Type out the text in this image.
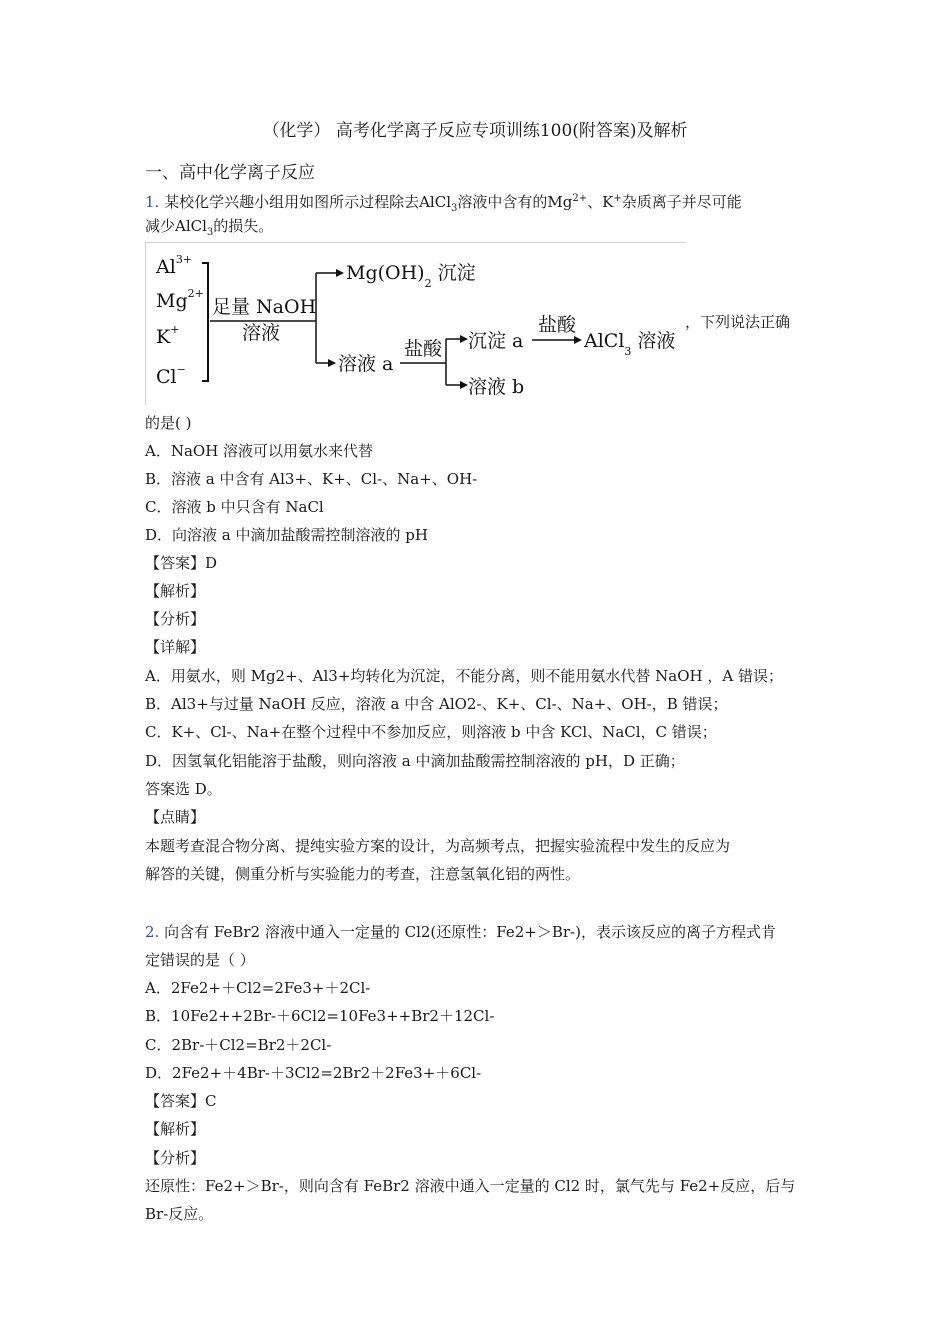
（化学） 高考化学离子反应专项训练100(附答案)及解析
一、高中化学离子反应
1. 某校化学兴趣小组用如图所示过程除去AlCl$_3$溶液中含有的$Mg^{2+}$、K+杂质离子并尽可能
减少AlCl$_3$的损失。
$Al^{3+}$
$Mg^{2+}$
K+
Cl−
足量 NaOH
溶液
$Mg(OH)_2$ 沉淀
溶液 a
盐酸 沉淀 a
溶液 b
盐酸
AlCl$_3$ 溶液
，下列说法正确
的是( )
A．NaOH 溶液可以用氨水来代替
B．溶液 a 中含有 Al3+、K+、Cl-、Na+、OH-
C．溶液 b 中只含有 NaCl
D．向溶液 a 中滴加盐酸需控制溶液的 pH
【答案】D
【解析】
【分析】
【详解】
A．用氨水，则 Mg2+、Al3+均转化为沉淀，不能分离，则不能用氨水代替 NaOH ，A 错误；
B．Al3+与过量 NaOH 反应，溶液 a 中含 AlO2-、K+、Cl-、Na+、OH-，B 错误；
C．K+、Cl-、Na+在整个过程中不参加反应，则溶液 b 中含 KCl、NaCl，C 错误；
D．因氢氧化铝能溶于盐酸，则向溶液 a 中滴加盐酸需控制溶液的 pH，D 正确；
答案选 D。
【点睛】
本题考查混合物分离、提纯实验方案的设计，为高频考点，把握实验流程中发生的反应为
解答的关键，侧重分析与实验能力的考查，注意氢氧化铝的两性。
2. 向含有 FeBr2 溶液中通入一定量的 Cl2(还原性：Fe2+＞Br-)，表示该反应的离子方程式肯
定错误的是（ ）
A．2Fe2+＋Cl2=2Fe3+＋2Cl-
B．10Fe2++2Br-＋6Cl2=10Fe3++Br2＋12Cl-
C．2Br-＋Cl2=Br2＋2Cl-
D．2Fe2+＋4Br-＋3Cl2=2Br2＋2Fe3+＋6Cl-
【答案】C
【解析】
【分析】
还原性：Fe2+＞Br-，则向含有 FeBr2 溶液中通入一定量的 Cl2 时，氯气先与 Fe2+反应，后与
Br-反应。
